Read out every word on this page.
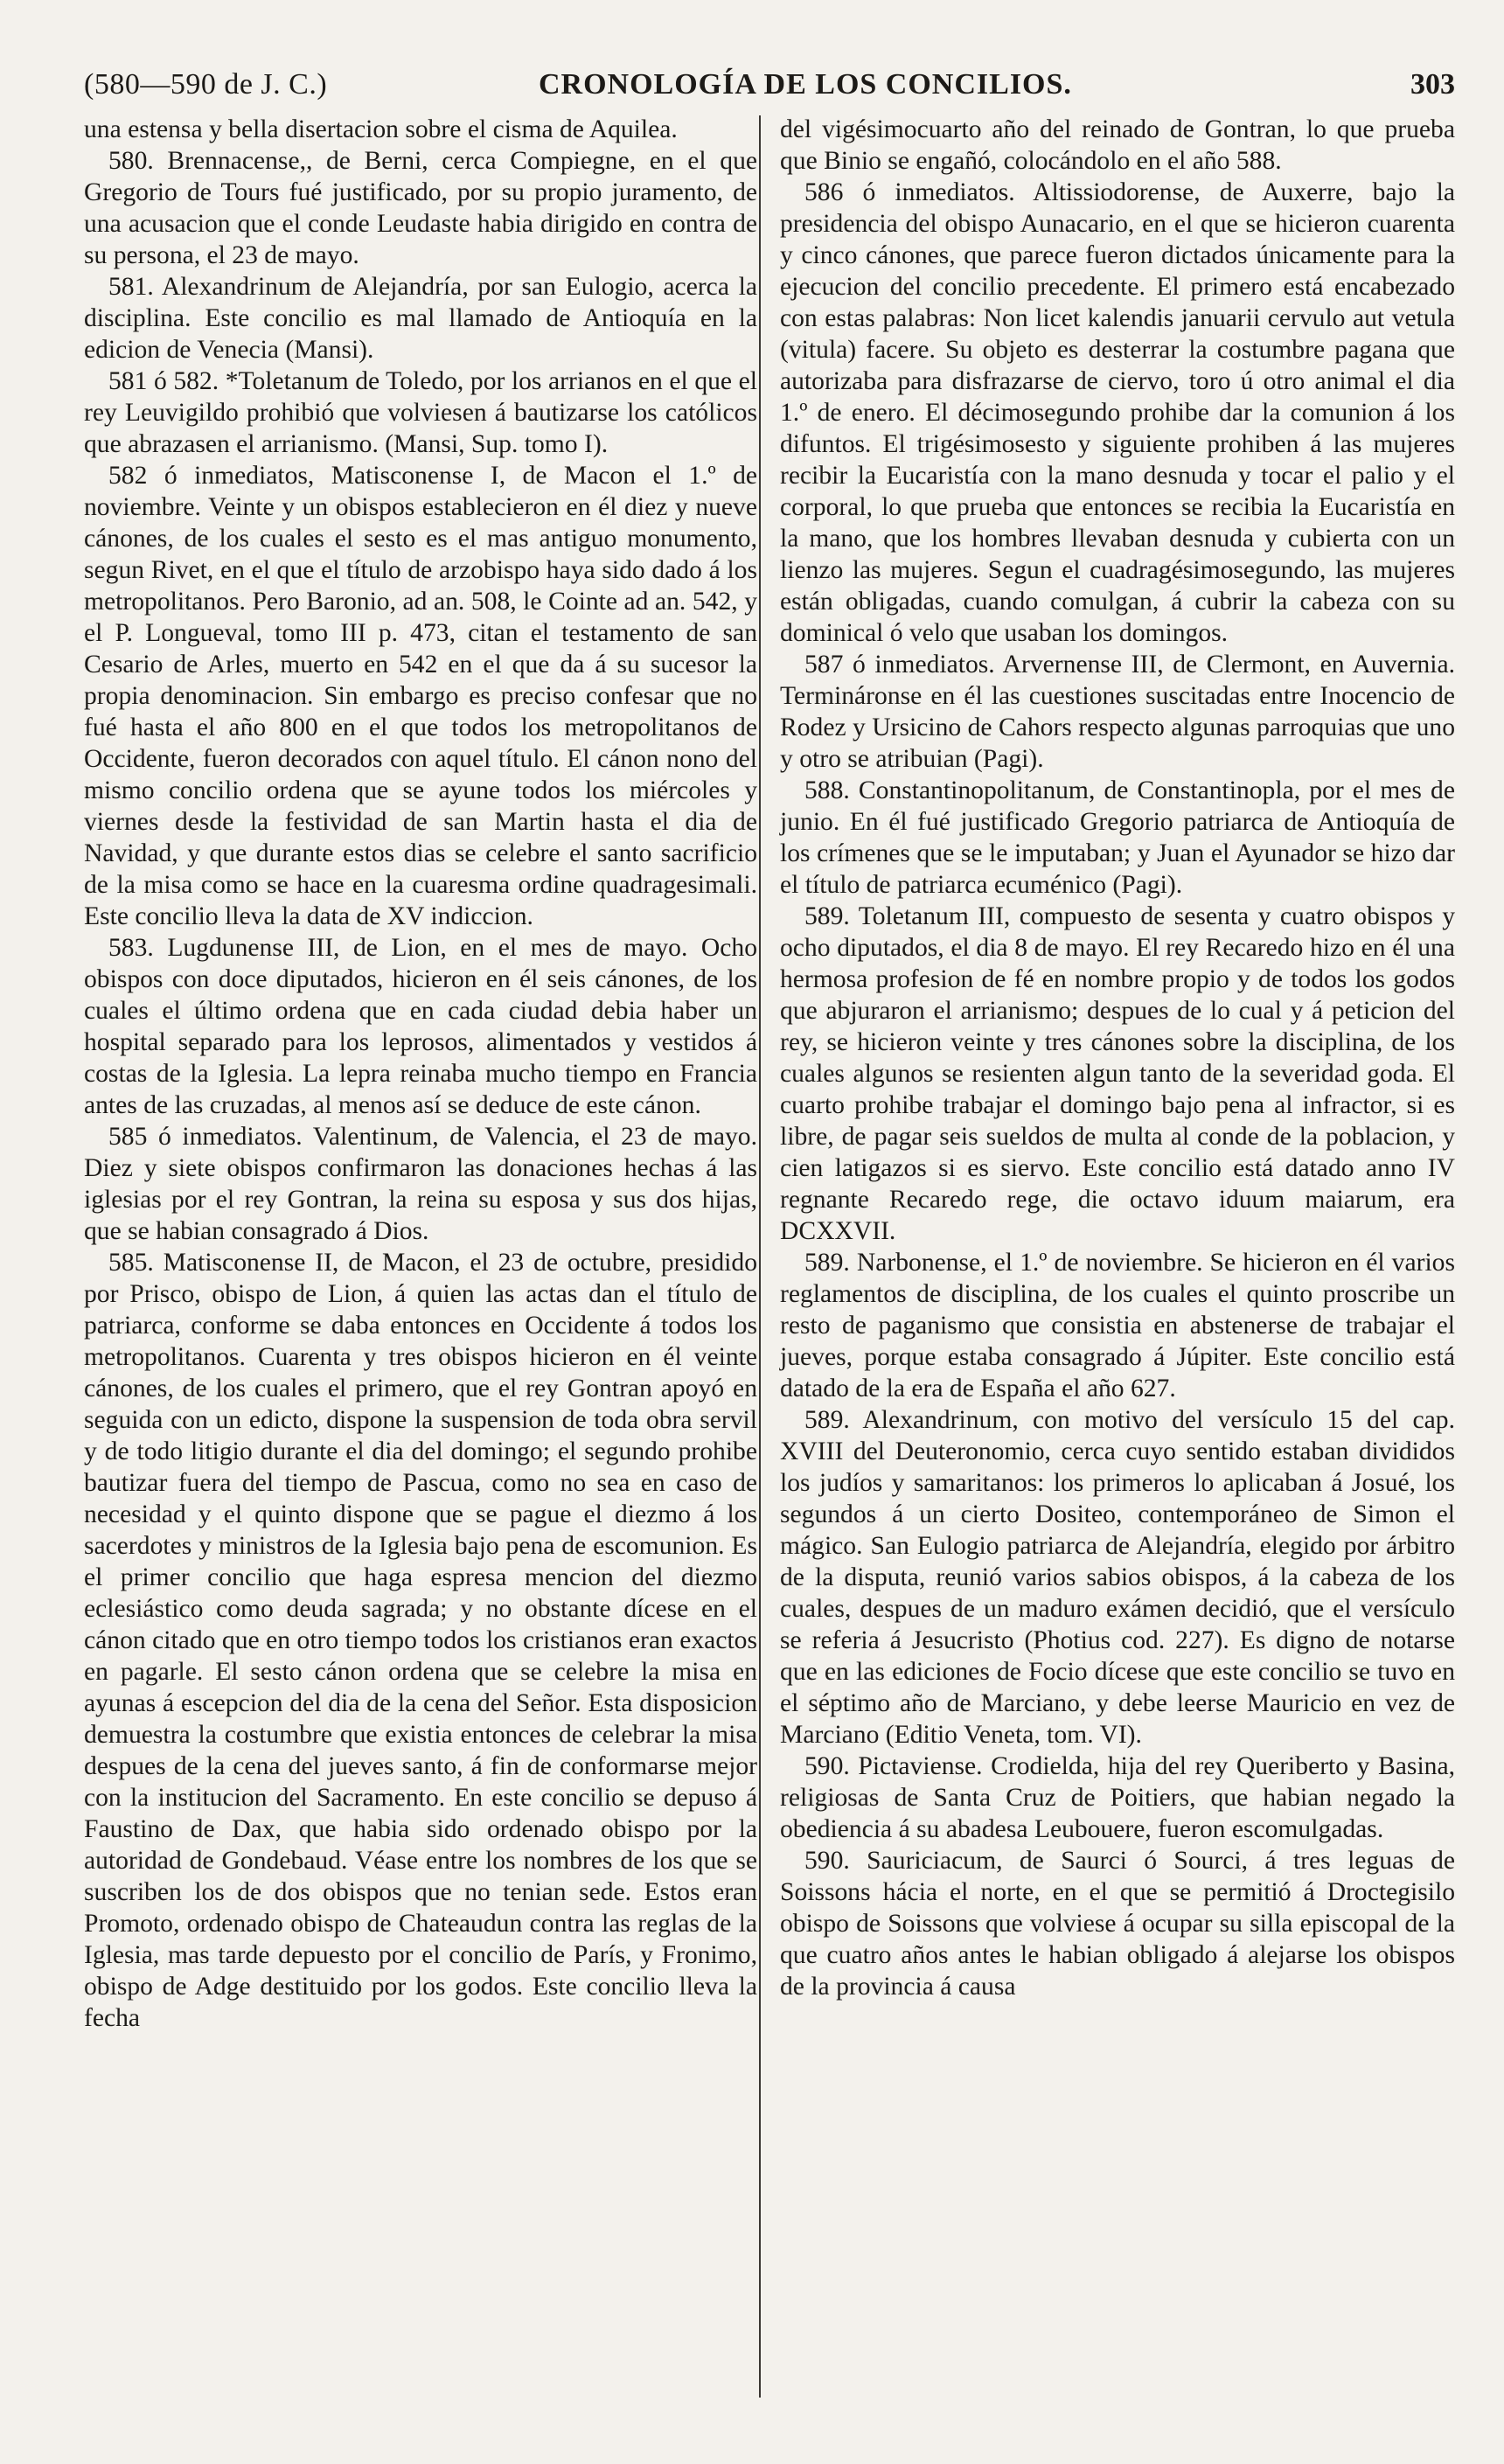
(580—590 de J. C.)	CRONOLOGÍA DE LOS CONCILIOS.	303

una estensa y bella disertacion sobre el cisma de Aquilea.

580. Brennacense,, de Berni, cerca Compiegne, en el que Gregorio de Tours fué justificado, por su propio juramento, de una acusacion que el conde Leudaste habia dirigido en contra de su persona, el 23 de mayo.

581. Alexandrinum de Alejandría, por san Eulogio, acerca la disciplina. Este concilio es mal llamado de Antioquía en la edicion de Venecia (Mansi).

581 ó 582. *Toletanum de Toledo, por los arrianos en el que el rey Leuvigildo prohibió que volviesen á bautizarse los católicos que abrazasen el arrianismo. (Mansi, Sup. tomo I).

582 ó inmediatos, Matisconense I, de Macon el 1.º de noviembre. Veinte y un obispos establecieron en él diez y nueve cánones, de los cuales el sesto es el mas antiguo monumento, segun Rivet, en el que el título de arzobispo haya sido dado á los metropolitanos. Pero Baronio, ad an. 508, le Cointe ad an. 542, y el P. Longueval, tomo III p. 473, citan el testamento de san Cesario de Arles, muerto en 542 en el que da á su sucesor la propia denominacion. Sin embargo es preciso confesar que no fué hasta el año 800 en el que todos los metropolitanos de Occidente, fueron decorados con aquel título. El cánon nono del mismo concilio ordena que se ayune todos los miércoles y viernes desde la festividad de san Martin hasta el dia de Navidad, y que durante estos dias se celebre el santo sacrificio de la misa como se hace en la cuaresma ordine quadragesimali. Este concilio lleva la data de XV indiccion.

583. Lugdunense III, de Lion, en el mes de mayo. Ocho obispos con doce diputados, hicieron en él seis cánones, de los cuales el último ordena que en cada ciudad debia haber un hospital separado para los leprosos, alimentados y vestidos á costas de la Iglesia. La lepra reinaba mucho tiempo en Francia antes de las cruzadas, al menos así se deduce de este cánon.

585 ó inmediatos. Valentinum, de Valencia, el 23 de mayo. Diez y siete obispos confirmaron las donaciones hechas á las iglesias por el rey Gontran, la reina su esposa y sus dos hijas, que se habian consagrado á Dios.

585. Matisconense II, de Macon, el 23 de octubre, presidido por Prisco, obispo de Lion, á quien las actas dan el título de patriarca, conforme se daba entonces en Occidente á todos los metropolitanos. Cuarenta y tres obispos hicieron en él veinte cánones, de los cuales el primero, que el rey Gontran apoyó en seguida con un edicto, dispone la suspension de toda obra servil y de todo litigio durante el dia del domingo; el segundo prohibe bautizar fuera del tiempo de Pascua, como no sea en caso de necesidad y el quinto dispone que se pague el diezmo á los sacerdotes y ministros de la Iglesia bajo pena de escomunion. Es el primer concilio que haga espresa mencion del diezmo eclesiástico como deuda sagrada; y no obstante dícese en el cánon citado que en otro tiempo todos los cristianos eran exactos en pagarle. El sesto cánon ordena que se celebre la misa en ayunas á escepcion del dia de la cena del Señor. Esta disposicion demuestra la costumbre que existia entonces de celebrar la misa despues de la cena del jueves santo, á fin de conformarse mejor con la institucion del Sacramento. En este concilio se depuso á Faustino de Dax, que habia sido ordenado obispo por la autoridad de Gondebaud. Véase entre los nombres de los que se suscriben los de dos obispos que no tenian sede. Estos eran Promoto, ordenado obispo de Chateaudun contra las reglas de la Iglesia, mas tarde depuesto por el concilio de París, y Fronimo, obispo de Adge destituido por los godos. Este concilio lleva la fecha

del vigésimocuarto año del reinado de Gontran, lo que prueba que Binio se engañó, colocándolo en el año 588.

586 ó inmediatos. Altissiodorense, de Auxerre, bajo la presidencia del obispo Aunacario, en el que se hicieron cuarenta y cinco cánones, que parece fueron dictados únicamente para la ejecucion del concilio precedente. El primero está encabezado con estas palabras: Non licet kalendis januarii cervulo aut vetula (vitula) facere. Su objeto es desterrar la costumbre pagana que autorizaba para disfrazarse de ciervo, toro ú otro animal el dia 1.º de enero. El décimosegundo prohibe dar la comunion á los difuntos. El trigésimosesto y siguiente prohiben á las mujeres recibir la Eucaristía con la mano desnuda y tocar el palio y el corporal, lo que prueba que entonces se recibia la Eucaristía en la mano, que los hombres llevaban desnuda y cubierta con un lienzo las mujeres. Segun el cuadragésimosegundo, las mujeres están obligadas, cuando comulgan, á cubrir la cabeza con su dominical ó velo que usaban los domingos.

587 ó inmediatos. Arvernense III, de Clermont, en Auvernia. Termináronse en él las cuestiones suscitadas entre Inocencio de Rodez y Ursicino de Cahors respecto algunas parroquias que uno y otro se atribuian (Pagi).

588. Constantinopolitanum, de Constantinopla, por el mes de junio. En él fué justificado Gregorio patriarca de Antioquía de los crímenes que se le imputaban; y Juan el Ayunador se hizo dar el título de patriarca ecuménico (Pagi).

589. Toletanum III, compuesto de sesenta y cuatro obispos y ocho diputados, el dia 8 de mayo. El rey Recaredo hizo en él una hermosa profesion de fé en nombre propio y de todos los godos que abjuraron el arrianismo; despues de lo cual y á peticion del rey, se hicieron veinte y tres cánones sobre la disciplina, de los cuales algunos se resienten algun tanto de la severidad goda. El cuarto prohibe trabajar el domingo bajo pena al infractor, si es libre, de pagar seis sueldos de multa al conde de la poblacion, y cien latigazos si es siervo. Este concilio está datado anno IV regnante Recaredo rege, die octavo iduum maiarum, era DCXXVII.

589. Narbonense, el 1.º de noviembre. Se hicieron en él varios reglamentos de disciplina, de los cuales el quinto proscribe un resto de paganismo que consistia en abstenerse de trabajar el jueves, porque estaba consagrado á Júpiter. Este concilio está datado de la era de España el año 627.

589. Alexandrinum, con motivo del versículo 15 del cap. XVIII del Deuteronomio, cerca cuyo sentido estaban divididos los judíos y samaritanos: los primeros lo aplicaban á Josué, los segundos á un cierto Dositeo, contemporáneo de Simon el mágico. San Eulogio patriarca de Alejandría, elegido por árbitro de la disputa, reunió varios sabios obispos, á la cabeza de los cuales, despues de un maduro exámen decidió, que el versículo se referia á Jesucristo (Photius cod. 227). Es digno de notarse que en las ediciones de Focio dícese que este concilio se tuvo en el séptimo año de Marciano, y debe leerse Mauricio en vez de Marciano (Editio Veneta, tom. VI).

590. Pictaviense. Crodielda, hija del rey Queriberto y Basina, religiosas de Santa Cruz de Poitiers, que habian negado la obediencia á su abadesa Leubouere, fueron escomulgadas.

590. Sauriciacum, de Saurci ó Sourci, á tres leguas de Soissons hácia el norte, en el que se permitió á Droctegisilo obispo de Soissons que volviese á ocupar su silla episcopal de la que cuatro años antes le habian obligado á alejarse los obispos de la provincia á causa
